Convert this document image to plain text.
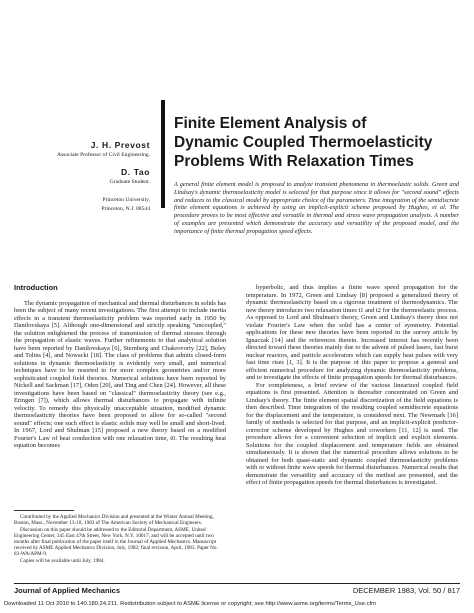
J. H. Prevost
Associate Professor of Civil Engineering.
D. Tao
Graduate Student.

Princeton University,
Princeton, N.J. 08544
Finite Element Analysis of
Dynamic Coupled Thermoelasticity
Problems With Relaxation Times
A general finite element model is proposed to analyze transient phenomena in thermoelastic solids. Green and Lindsay's dynamic thermoelasticity model is selected for that purpose since it allows for "second sound" effects and reduces to the classical model by appropriate choice of the parameters. Time integration of the semidiscrete finite element equations is achieved by using an implicit-explicit scheme proposed by Hughes, et al. The procedure proves to be most effective and versatile in thermal and stress wave propagation analysis. A number of examples are presented which demonstrate the accuracy and versatility of the proposed model, and the importance of finite thermal propagation speed effects.
Introduction

The dynamic propagation of mechanical and thermal disturbances in solids has been the subject of many recent investigations. The first attempt to include inertia effects in a transient thermoelasticity problem was reported early in 1950 by Danilovskaya [5]. Although one-dimensional and strictly speaking "uncoupled," the solution enlightened the process of transmission of thermal stresses through the propagation of elastic waves. Further refinements to that analytical solution have been reported by Danilovskaya [6], Sternberg and Chakrovorty [22], Boley and Tolins [4], and Nowacki [18]. The class of problems that admits closed-form solutions in dynamic thermoelasticity is evidently very small, and numerical techniques have to be resorted to for more complex geometries and/or more sophisticated coupled field theories. Numerical solutions have been reported by Nickell and Sackman [17], Oden [20], and Ting and Chen [24]. However, all these investigations have been based on "classical" thermoelasticity theory (see e.g., Eringen [7]), which allows thermal disturbances to propagate with infinite velocity. To remedy this physically unacceptable situation, modified dynamic thermoelasticity theories have been proposed to allow for so-called "second sound" effects; one such effect is elastic solids may well be small and short-lived. In 1967, Lord and Shulman [15] proposed a new theory based on a modified Fourier's Law of heat conduction with one relaxation time, t0. The resulting heat equation becomes

hyperbolic, and thus implies a finite wave speed propagation for the temperature. In 1972, Green and Lindsay [8] proposed a generalized theory of dynamic thermoelasticity based on a rigorous treatment of thermodynamics. The new theory introduces two relaxation times t1 and t2 for the thermoelastic process. As opposed to Lord and Shulman's theory, Green and Lindsay's theory does not violate Fourier's Law when the solid has a center of symmetry. Potential applications for these new theories have been reported in the survey article by Ignaczak [14] and the references therein. Increased interest has recently been directed toward these theories mainly due to the advent of pulsed lasers, fast burst nuclear reactors, and particle accelerators which can supply heat pulses with very fast time rises [1, 3]. It is the purpose of this paper to propose a general and efficient numerical procedure for analyzing dynamic thermoelasticity problems, and to investigate the effects of finite propagation speeds for thermal disturbances.

For completeness, a brief review of the various linearized coupled field equations is first presented. Attention is thereafter concentrated on Green and Lindsay's theory. The finite element spatial discretization of the field equations is then described. Time integration of the resulting coupled semidiscrete equations for the displacement and the temperature, is considered next. The Newmark [16] family of methods is selected for that purpose, and an implicit-explicit predictor-corrector scheme developed by Hughes and coworkers [11, 12] is used. The procedure allows for a convenient selection of implicit and explicit elements. Solutions for the coupled displacement and temperature fields are obtained simultaneously. It is shown that the numerical procedure allows solutions to be obtained for both quasi-static and dynamic coupled thermoelasticity problems with or without finite wave speeds for thermal disturbances. Numerical results that demonstrate the versatility and accuracy of the method are presented, and the effect of finite propagation speeds for thermal disturbances is investigated.

Contributed by the Applied Mechanics Division and presented at the Winter Annual Meeting, Boston, Mass., November 13-18, 1983 of The American Society of Mechanical Engineers.

Discussion on this paper should be addressed to the Editorial Department, ASME, United Engineering Center, 345 East 47th Street, New York, N.Y. 10017, and will be accepted until two months after final publication of the paper itself in the Journal of Applied Mechanics. Manuscript received by ASME Applied Mechanics Division, July, 1982; final revision, April, 1983. Paper No. 83-WA/APM-9.

Copies will be available until July, 1984.

Journal of Applied Mechanics	DECEMBER 1983, Vol. 50 / 817
Downloaded 11 Oct 2010 to 140.180.24.211. Redistribution subject to ASME license or copyright; see http://www.asme.org/terms/Terms_Use.cfm
